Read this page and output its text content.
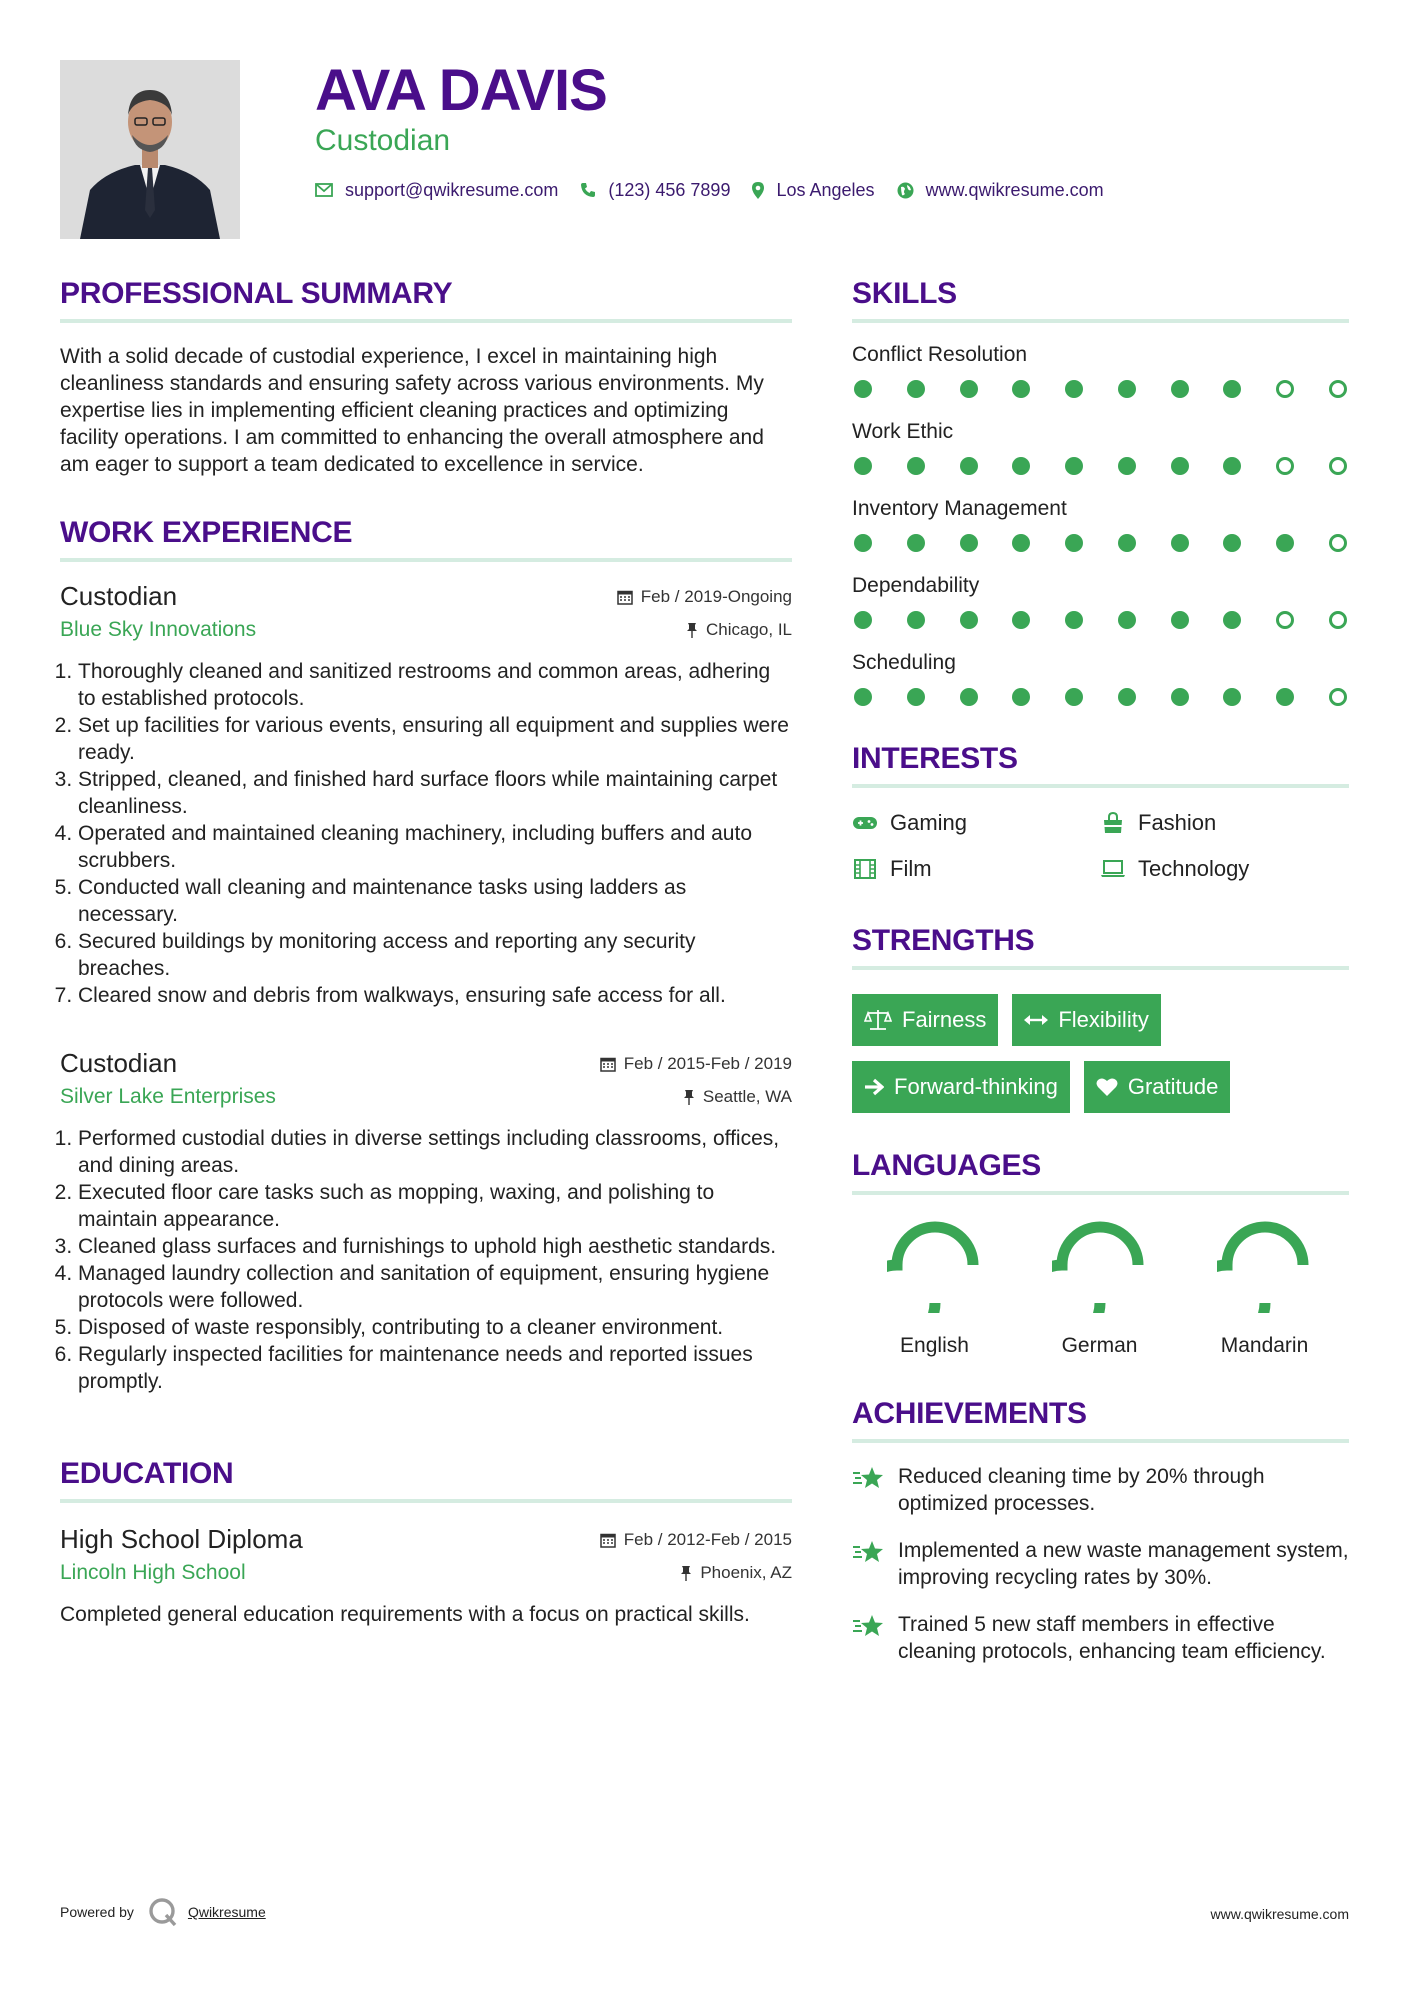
AVA DAVIS
Custodian
support@qwikresume.com	(123) 456 7899	Los Angeles	www.qwikresume.com
PROFESSIONAL SUMMARY

With a solid decade of custodial experience, I excel in maintaining high cleanliness standards and ensuring safety across various environments. My expertise lies in implementing efficient cleaning practices and optimizing facility operations. I am committed to enhancing the overall atmosphere and am eager to support a team dedicated to excellence in service.

WORK EXPERIENCE
Custodian	Feb / 2019-Ongoing
Blue Sky Innovations	Chicago, IL
1. Thoroughly cleaned and sanitized restrooms and common areas, adhering to established protocols.
2. Set up facilities for various events, ensuring all equipment and supplies were ready.
3. Stripped, cleaned, and finished hard surface floors while maintaining carpet cleanliness.
4. Operated and maintained cleaning machinery, including buffers and auto scrubbers.
5. Conducted wall cleaning and maintenance tasks using ladders as necessary.
6. Secured buildings by monitoring access and reporting any security breaches.
7. Cleared snow and debris from walkways, ensuring safe access for all.
Custodian	Feb / 2015-Feb / 2019
Silver Lake Enterprises	Seattle, WA
1. Performed custodial duties in diverse settings including classrooms, offices, and dining areas.
2. Executed floor care tasks such as mopping, waxing, and polishing to maintain appearance.
3. Cleaned glass surfaces and furnishings to uphold high aesthetic standards.
4. Managed laundry collection and sanitation of equipment, ensuring hygiene protocols were followed.
5. Disposed of waste responsibly, contributing to a cleaner environment.
6. Regularly inspected facilities for maintenance needs and reported issues promptly.
EDUCATION
High School Diploma	Feb / 2012-Feb / 2015
Lincoln High School	Phoenix, AZ

Completed general education requirements with a focus on practical skills.

SKILLS
Conflict Resolution
Work Ethic
Inventory Management
Dependability
Scheduling
INTERESTS
Gaming	Fashion
Film	Technology
STRENGTHS
Fairness	Flexibility
Forward-thinking	Gratitude
LANGUAGES
English	German	Mandarin
ACHIEVEMENTS
Reduced cleaning time by 20% through optimized processes.
Implemented a new waste management system, improving recycling rates by 30%.
Trained 5 new staff members in effective cleaning protocols, enhancing team efficiency.
Powered by	Qwikresume	www.qwikresume.com
